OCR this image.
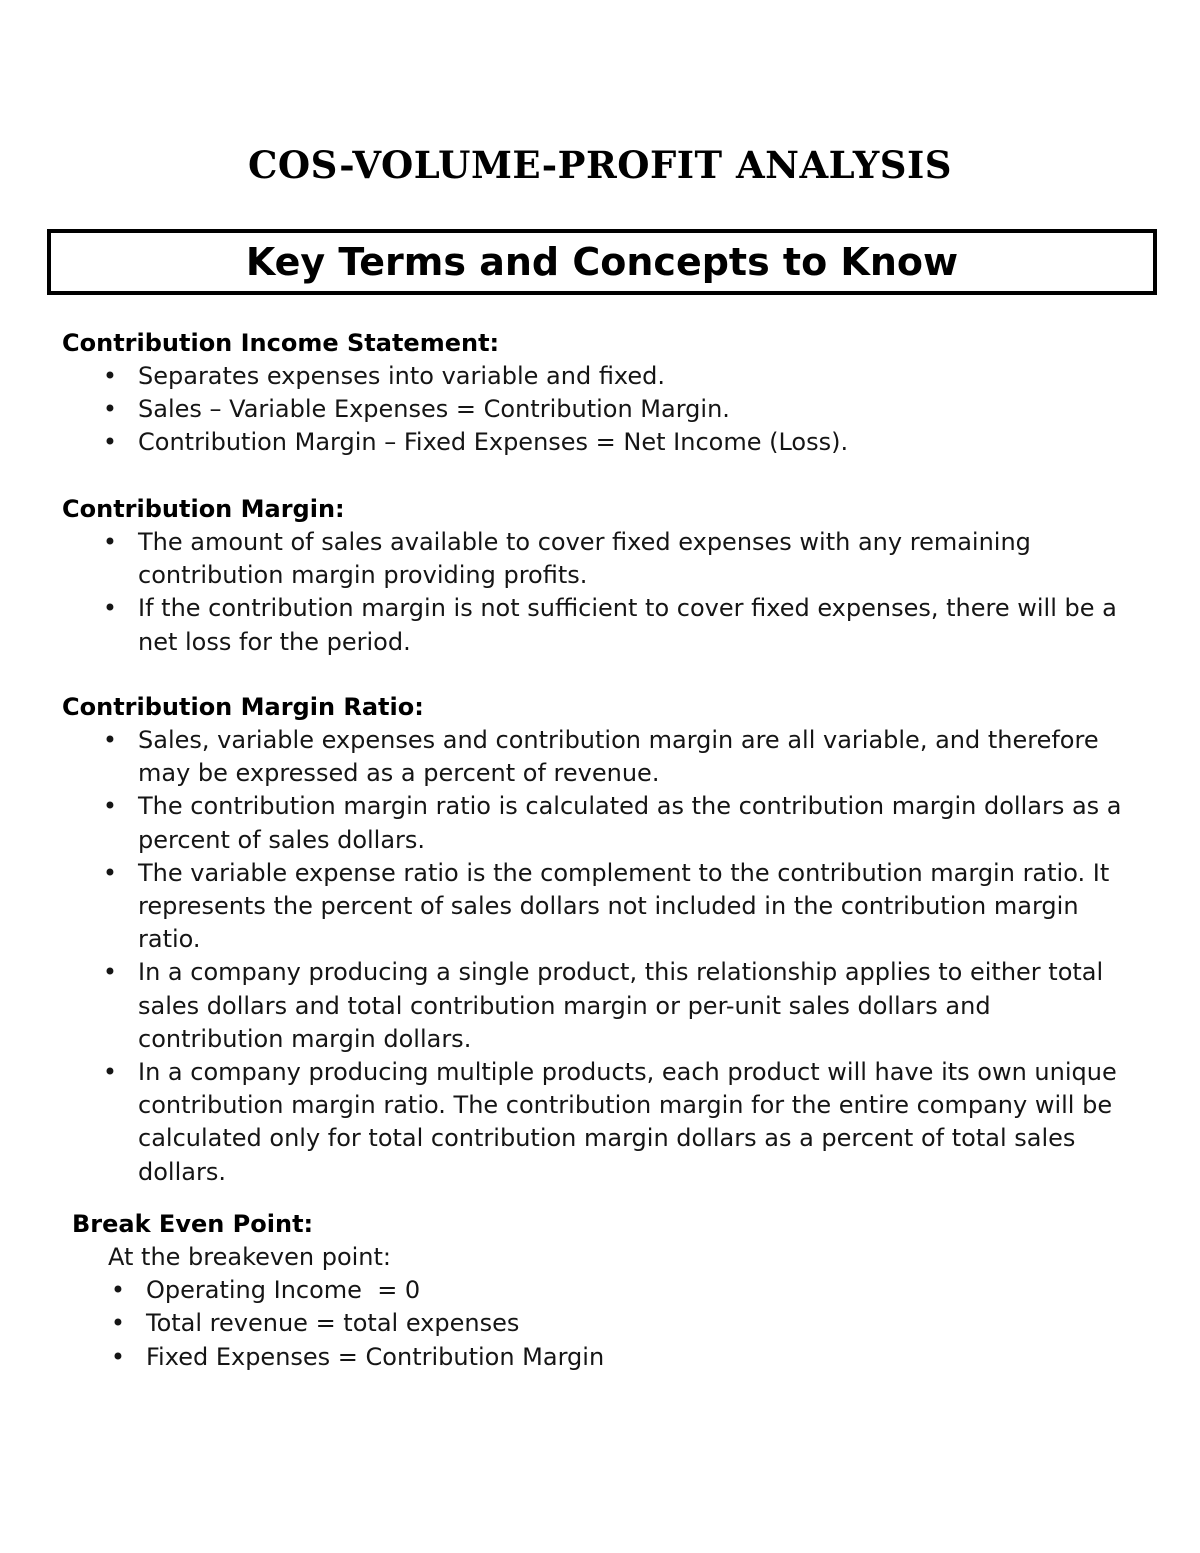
COS-VOLUME-PROFIT ANALYSIS
Key Terms and Concepts to Know
Contribution Income Statement:
• Separates expenses into variable and fixed.
• Sales – Variable Expenses = Contribution Margin.
• Contribution Margin – Fixed Expenses = Net Income (Loss).
Contribution Margin:
• The amount of sales available to cover fixed expenses with any remaining contribution margin providing profits.
• If the contribution margin is not sufficient to cover fixed expenses, there will be a net loss for the period.
Contribution Margin Ratio:
• Sales, variable expenses and contribution margin are all variable, and therefore may be expressed as a percent of revenue.
• The contribution margin ratio is calculated as the contribution margin dollars as a percent of sales dollars.
• The variable expense ratio is the complement to the contribution margin ratio. It represents the percent of sales dollars not included in the contribution margin ratio.
• In a company producing a single product, this relationship applies to either total sales dollars and total contribution margin or per-unit sales dollars and contribution margin dollars.
• In a company producing multiple products, each product will have its own unique contribution margin ratio. The contribution margin for the entire company will be calculated only for total contribution margin dollars as a percent of total sales dollars.
Break Even Point:

At the breakeven point:

• Operating Income  = 0
• Total revenue = total expenses
• Fixed Expenses = Contribution Margin
